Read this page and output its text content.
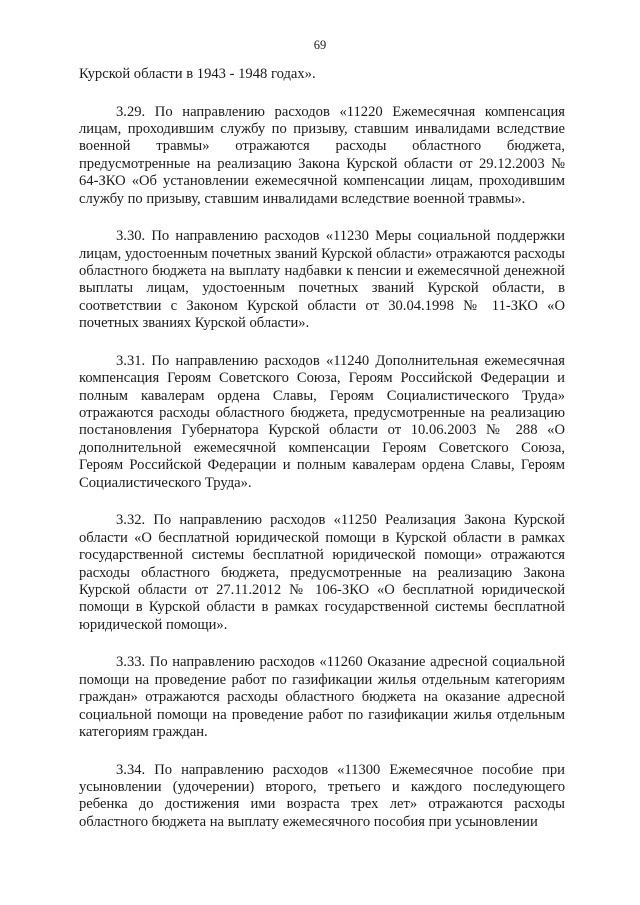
69

Курской области в 1943 - 1948 годах».

3.29. По направлению расходов «11220 Ежемесячная компенсация лицам, проходившим службу по призыву, ставшим инвалидами вследствие военной травмы» отражаются расходы областного бюджета, предусмотренные на реализацию Закона Курской области от 29.12.2003 № 64-ЗКО «Об установлении ежемесячной компенсации лицам, проходившим службу по призыву, ставшим инвалидами вследствие военной травмы».

3.30. По направлению расходов «11230 Меры социальной поддержки лицам, удостоенным почетных званий Курской области» отражаются расходы областного бюджета на выплату надбавки к пенсии и ежемесячной денежной выплаты лицам, удостоенным почетных званий Курской области, в соответствии с Законом Курской области от 30.04.1998 № 11-ЗКО «О почетных званиях Курской области».

3.31. По направлению расходов «11240 Дополнительная ежемесячная компенсация Героям Советского Союза, Героям Российской Федерации и полным кавалерам ордена Славы, Героям Социалистического Труда» отражаются расходы областного бюджета, предусмотренные на реализацию постановления Губернатора Курской области от 10.06.2003 № 288 «О дополнительной ежемесячной компенсации Героям Советского Союза, Героям Российской Федерации и полным кавалерам ордена Славы, Героям Социалистического Труда».

3.32. По направлению расходов «11250 Реализация Закона Курской области «О бесплатной юридической помощи в Курской области в рамках государственной системы бесплатной юридической помощи» отражаются расходы областного бюджета, предусмотренные на реализацию Закона Курской области от 27.11.2012 № 106-ЗКО «О бесплатной юридической помощи в Курской области в рамках государственной системы бесплатной юридической помощи».

3.33. По направлению расходов «11260 Оказание адресной социальной помощи на проведение работ по газификации жилья отдельным категориям граждан» отражаются расходы областного бюджета на оказание адресной социальной помощи на проведение работ по газификации жилья отдельным категориям граждан.

3.34. По направлению расходов «11300 Ежемесячное пособие при усыновлении (удочерении) второго, третьего и каждого последующего ребенка до достижения ими возраста трех лет» отражаются расходы областного бюджета на выплату ежемесячного пособия при усыновлении
